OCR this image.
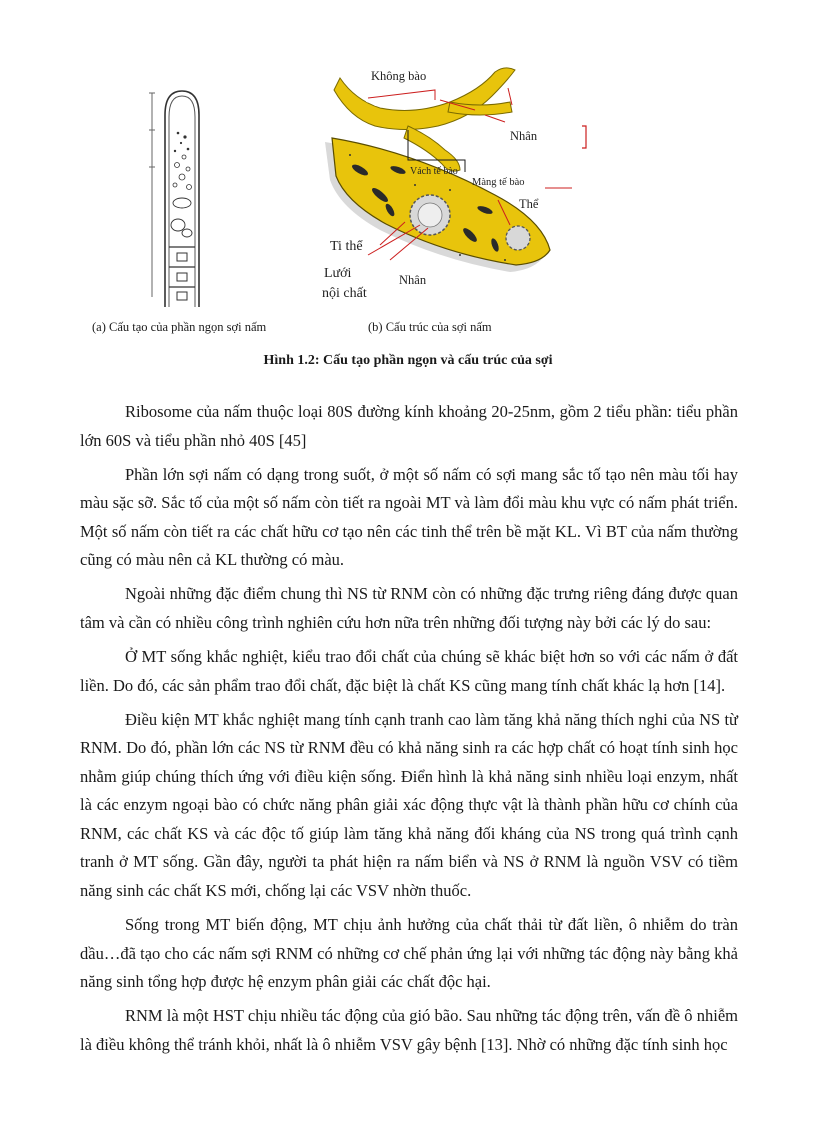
Không bào
Nhân
Vách tế bào
Màng tế bào
Thể
Ti thể
Lưới
nội chất
Nhân
(a) Cấu tạo của phần ngọn sợi nấm	(b) Cấu trúc của sợi nấm
Hình 1.2: Cấu tạo phần ngọn và cấu trúc của sợi

Ribosome của nấm thuộc loại 80S đường kính khoảng 20-25nm, gồm 2 tiểu phần: tiểu phần lớn 60S và tiểu phần nhỏ 40S [45]

Phần lớn sợi nấm có dạng trong suốt, ở một số nấm có sợi mang sắc tố tạo nên màu tối hay màu sặc sỡ. Sắc tố của một số nấm còn tiết ra ngoài MT và làm đổi màu khu vực có nấm phát triển. Một số nấm còn tiết ra các chất hữu cơ tạo nên các tinh thể trên bề mặt KL. Vì BT của nấm thường cũng có màu nên cả KL thường có màu.

Ngoài những đặc điểm chung thì NS từ RNM còn có những đặc trưng riêng đáng được quan tâm và cần có nhiều công trình nghiên cứu hơn nữa trên những đối tượng này bởi các lý do sau:

Ở MT sống khắc nghiệt, kiểu trao đổi chất của chúng sẽ khác biệt hơn so với các nấm ở đất liền. Do đó, các sản phẩm trao đổi chất, đặc biệt là chất KS cũng mang tính chất khác lạ hơn [14].

Điều kiện MT khắc nghiệt mang tính cạnh tranh cao làm tăng khả năng thích nghi của NS từ RNM. Do đó, phần lớn các NS từ RNM đều có khả năng sinh ra các hợp chất có hoạt tính sinh học nhằm giúp chúng thích ứng với điều kiện sống. Điển hình là khả năng sinh nhiều loại enzym, nhất là các enzym ngoại bào có chức năng phân giải xác động thực vật là thành phần hữu cơ chính của RNM, các chất KS và các độc tố giúp làm tăng khả năng đối kháng của NS trong quá trình cạnh tranh ở MT sống. Gần đây, người ta phát hiện ra nấm biển và NS ở RNM là nguồn VSV có tiềm năng sinh các chất KS mới, chống lại các VSV nhờn thuốc.

Sống trong MT biến động, MT chịu ảnh hưởng của chất thải từ đất liền, ô nhiễm do tràn dầu…đã tạo cho các nấm sợi RNM có những cơ chế phản ứng lại với những tác động này bằng khả năng sinh tổng hợp được hệ enzym phân giải các chất độc hại.

RNM là một HST chịu nhiều tác động của gió bão. Sau những tác động trên, vấn đề ô nhiễm là điều không thể tránh khỏi, nhất là ô nhiễm VSV gây bệnh [13]. Nhờ có những đặc tính sinh học
